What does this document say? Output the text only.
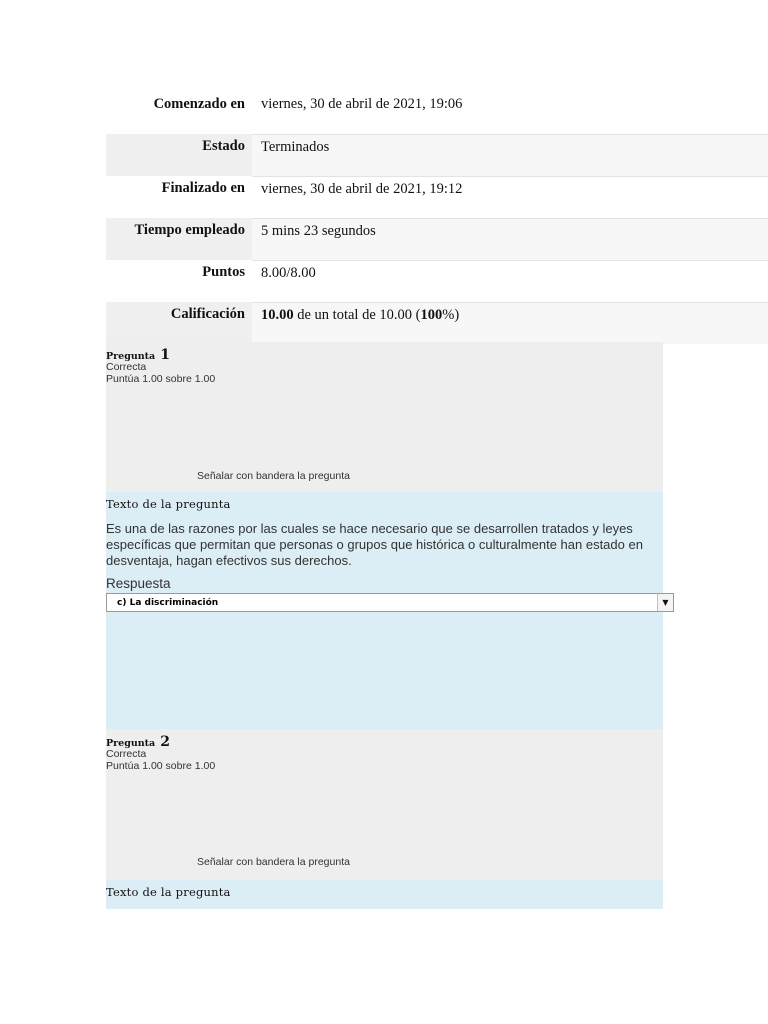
Comenzado en	viernes, 30 de abril de 2021, 19:06
Estado	Terminados
Finalizado en	viernes, 30 de abril de 2021, 19:12
Tiempo empleado	5 mins 23 segundos
Puntos	8.00/8.00
Calificación	10.00 de un total de 10.00 (100%)
Pregunta 1
Correcta
Puntúa 1.00 sobre 1.00
Señalar con bandera la pregunta
Texto de la pregunta
Es una de las razones por las cuales se hace necesario que se desarrollen tratados y leyes específicas que permitan que personas o grupos que histórica o culturalmente han estado en desventaja, hagan efectivos sus derechos.
Respuesta
c) La discriminación	▼
Pregunta 2
Correcta
Puntúa 1.00 sobre 1.00
Señalar con bandera la pregunta
Texto de la pregunta
